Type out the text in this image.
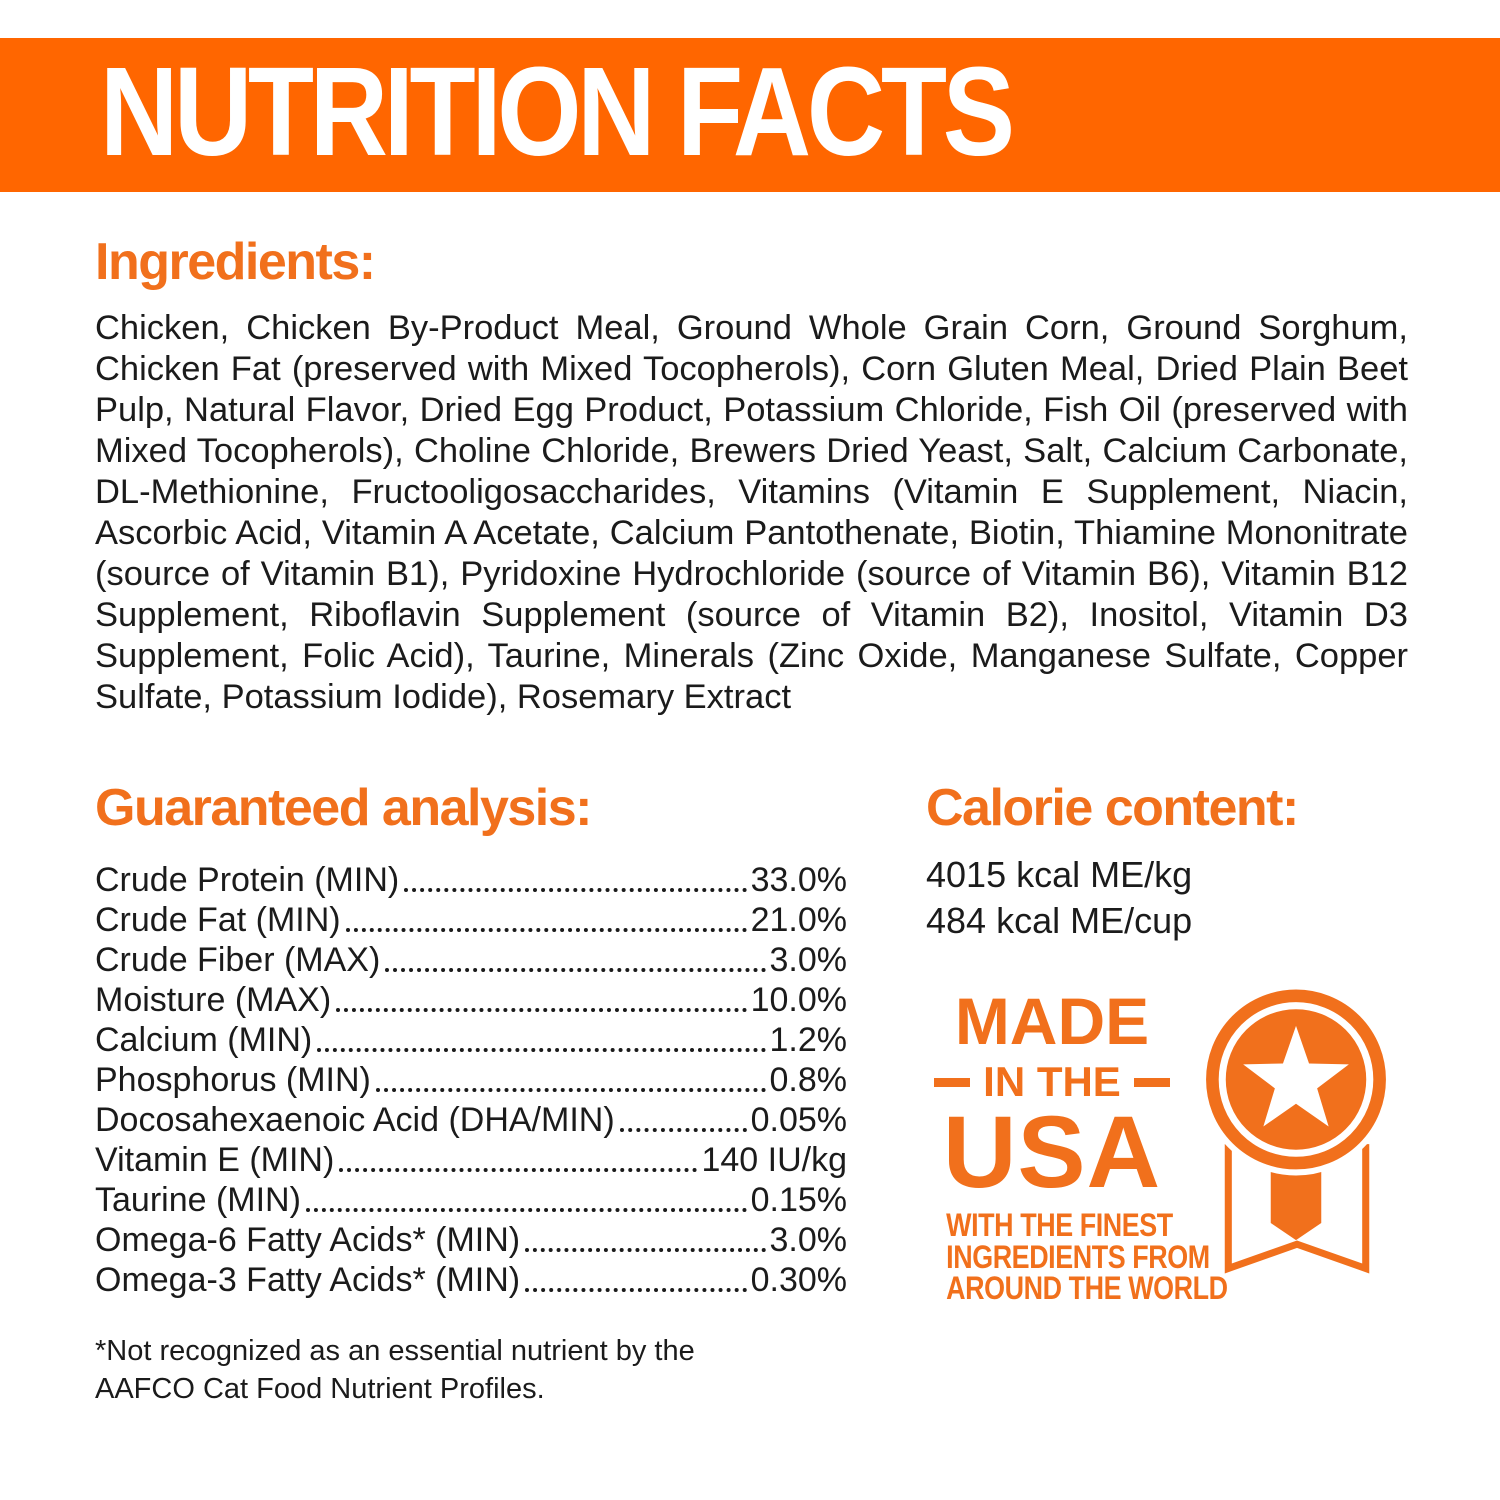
NUTRITION FACTS
Ingredients:

Chicken, Chicken By-Product Meal, Ground Whole Grain Corn, Ground Sorghum, Chicken Fat (preserved with Mixed Tocopherols), Corn Gluten Meal, Dried Plain Beet Pulp, Natural Flavor, Dried Egg Product, Potassium Chloride, Fish Oil (preserved with Mixed Tocopherols), Choline Chloride, Brewers Dried Yeast, Salt, Calcium Carbonate, DL-Methionine, Fructooligosaccharides, Vitamins (Vitamin E Supplement, Niacin, Ascorbic Acid, Vitamin A Acetate, Calcium Pantothenate, Biotin, Thiamine Mononitrate (source of Vitamin B1), Pyridoxine Hydrochloride (source of Vitamin B6), Vitamin B12 Supplement, Riboflavin Supplement (source of Vitamin B2), Inositol, Vitamin D3 Supplement, Folic Acid), Taurine, Minerals (Zinc Oxide, Manganese Sulfate, Copper Sulfate, Potassium Iodide), Rosemary Extract

Guaranteed analysis:
Crude Protein (MIN)	33.0%
Crude Fat (MIN)	21.0%
Crude Fiber (MAX)	3.0%
Moisture (MAX)	10.0%
Calcium (MIN)	1.2%
Phosphorus (MIN)	0.8%
Docosahexaenoic Acid (DHA/MIN)	0.05%
Vitamin E (MIN)	140 IU/kg
Taurine (MIN)	0.15%
Omega-6 Fatty Acids* (MIN)	3.0%
Omega-3 Fatty Acids* (MIN)	0.30%

*Not recognized as an essential nutrient by the AAFCO Cat Food Nutrient Profiles.

Calorie content:
4015 kcal ME/kg
484 kcal ME/cup
MADE
IN THE
USA
WITH THE FINEST
INGREDIENTS FROM
AROUND THE WORLD
